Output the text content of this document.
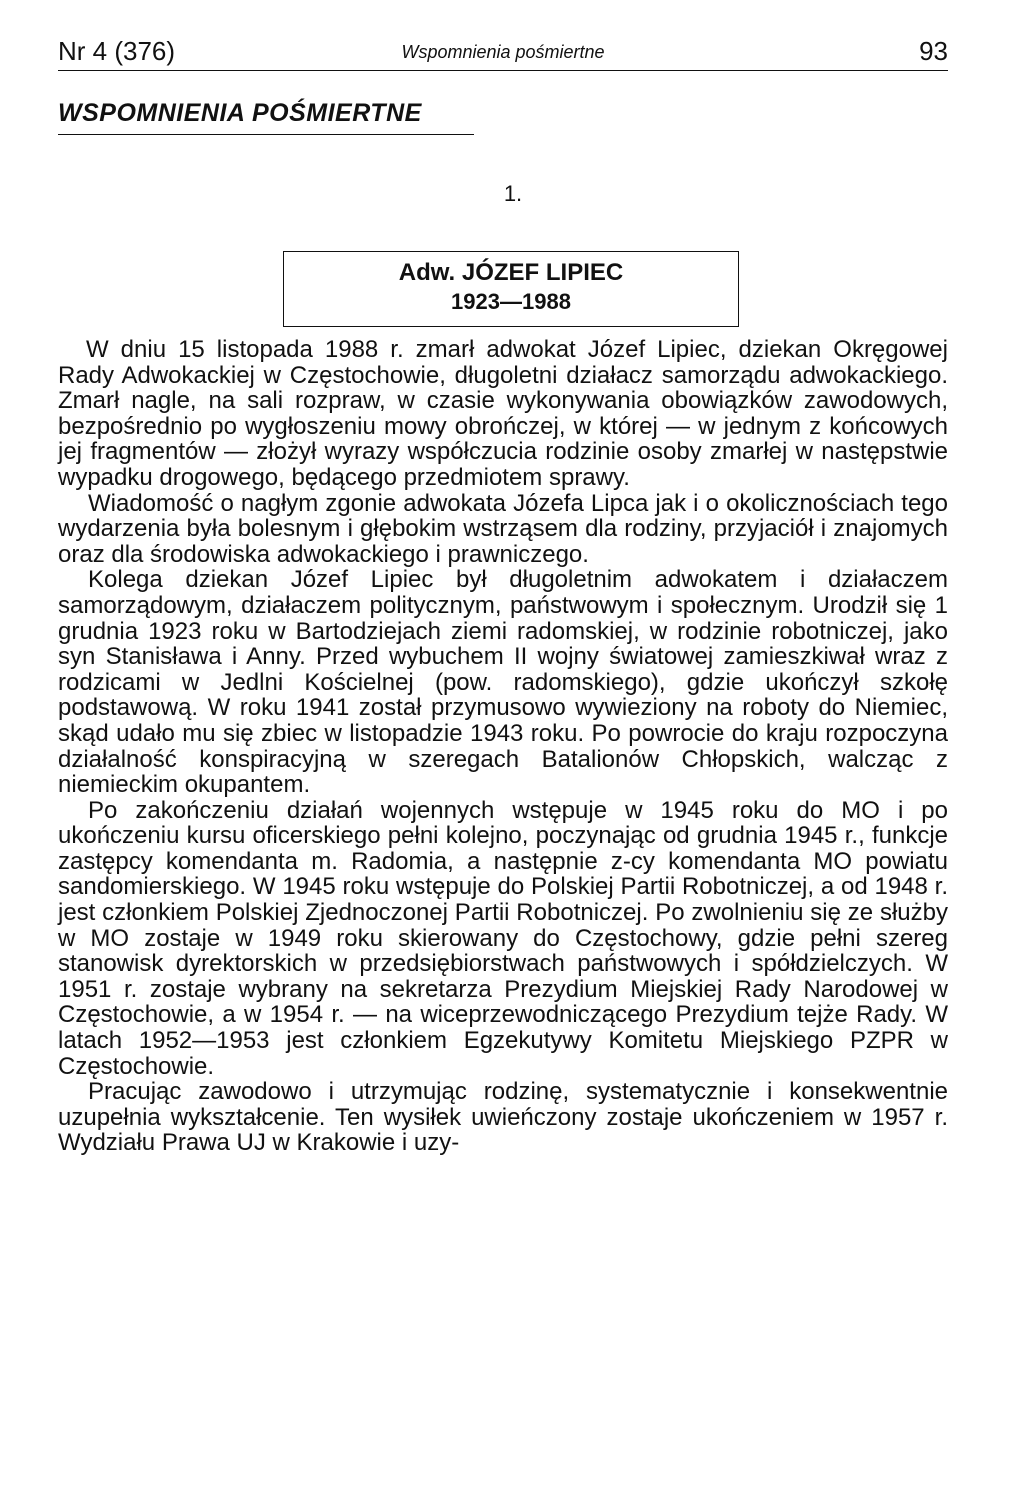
Nr 4 (376)	Wspomnienia pośmiertne	93
WSPOMNIENIA POŚMIERTNE
1.
Adw. JÓZEF LIPIEC
1923—1988

W dniu 15 listopada 1988 r. zmarł adwokat Józef Lipiec, dziekan Okręgowej Rady Adwokackiej w Częstochowie, długoletni działacz samorządu adwokackiego. Zmarł nagle, na sali rozpraw, w czasie wykonywania obowiązków zawodowych, bezpośrednio po wygłoszeniu mowy obrończej, w której — w jednym z końcowych jej fragmentów — złożył wyrazy współczucia rodzinie osoby zmarłej w następstwie wypadku drogowego, będącego przedmiotem sprawy.

Wiadomość o nagłym zgonie adwokata Józefa Lipca jak i o okolicznościach tego wydarzenia była bolesnym i głębokim wstrząsem dla rodziny, przyjaciół i znajomych oraz dla środowiska adwokackiego i prawniczego.

Kolega dziekan Józef Lipiec był długoletnim adwokatem i działaczem samorządowym, działaczem politycznym, państwowym i społecznym. Urodził się 1 grudnia 1923 roku w Bartodziejach ziemi radomskiej, w rodzinie robotniczej, jako syn Stanisława i Anny. Przed wybuchem II wojny światowej zamieszkiwał wraz z rodzicami w Jedlni Kościelnej (pow. radomskiego), gdzie ukończył szkołę podstawową. W roku 1941 został przymusowo wywieziony na roboty do Niemiec, skąd udało mu się zbiec w listopadzie 1943 roku. Po powrocie do kraju rozpoczyna działalność konspiracyjną w szeregach Batalionów Chłopskich, walcząc z niemieckim okupantem.

Po zakończeniu działań wojennych wstępuje w 1945 roku do MO i po ukończeniu kursu oficerskiego pełni kolejno, poczynając od grudnia 1945 r., funkcje zastępcy komendanta m. Radomia, a następnie z-cy komendanta MO powiatu sandomierskiego. W 1945 roku wstępuje do Polskiej Partii Robotniczej, a od 1948 r. jest członkiem Polskiej Zjednoczonej Partii Robotniczej. Po zwolnieniu się ze służby w MO zostaje w 1949 roku skierowany do Częstochowy, gdzie pełni szereg stanowisk dyrektorskich w przedsiębiorstwach państwowych i spółdzielczych. W 1951 r. zostaje wybrany na sekretarza Prezydium Miejskiej Rady Narodowej w Częstochowie, a w 1954 r. — na wiceprzewodniczącego Prezydium tejże Rady. W latach 1952—1953 jest członkiem Egzekutywy Komitetu Miejskiego PZPR w Częstochowie.

Pracując zawodowo i utrzymując rodzinę, systematycznie i konsekwentnie uzupełnia wykształcenie. Ten wysiłek uwieńczony zostaje ukończeniem w 1957 r. Wydziału Prawa UJ w Krakowie i uzy-
